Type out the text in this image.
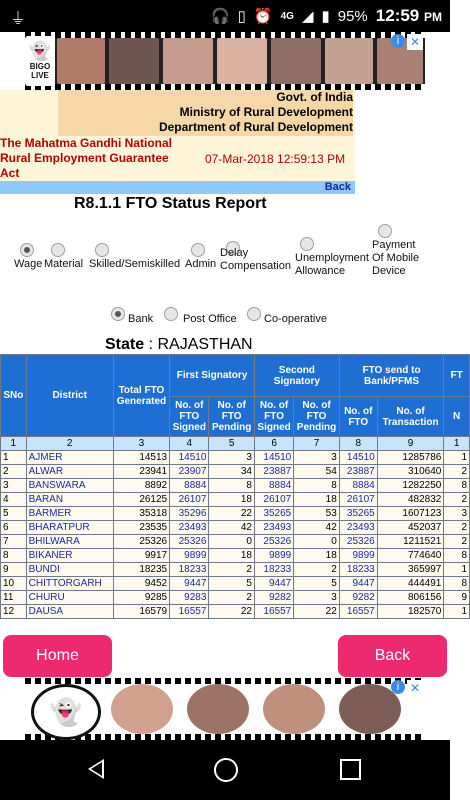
⏚	🎧 ▯ ⏰ 4G ◢ ▮ 95% 12:59 PM
👻
BIGO LIVE
i ✕
Govt. of India
Ministry of Rural Development
Department of Rural Development
The Mahatma Gandhi National
Rural Employment Guarantee
Act
07-Mar-2018 12:59:13 PM
Back
R8.1.1 FTO Status Report
Wage Material Skilled/Semiskilled Admin
Delay Compensation
Unemployment Allowance
Payment Of Mobile Device
Bank	Post Office Co-operative
State : RAJASTHAN
SNo	District	Total FTO Generated	First Signatory		Second Signatory		FTO send to Bank/PFMS		FT
			No. of FTO Signed	No. of FTO Pending	No. of FTO Signed	No. of FTO Pending	No. of FTO	No. of Transaction	N
1	2	3	4	5	6	7	8	9	1
1	AJMER	14513	14510	3	14510	3	14510	1285786	1
2	ALWAR	23941	23907	34	23887	54	23887	310640	2
3	BANSWARA	8892	8884	8	8884	8	8884	1282250	8
4	BARAN	26125	26107	18	26107	18	26107	482832	2
5	BARMER	35318	35296	22	35265	53	35265	1607123	3
6	BHARATPUR	23535	23493	42	23493	42	23493	452037	2
7	BHILWARA	25326	25326	0	25326	0	25326	1211521	2
8	BIKANER	9917	9899	18	9899	18	9899	774640	8
9	BUNDI	18235	18233	2	18233	2	18233	365997	1
10	CHITTORGARH	9452	9447	5	9447	5	9447	444491	8
11	CHURU	9285	9283	2	9282	3	9282	806156	9
12	DAUSA	16579	16557	22	16557	22	16557	182570	1
Home	Back
👻
i ✕
